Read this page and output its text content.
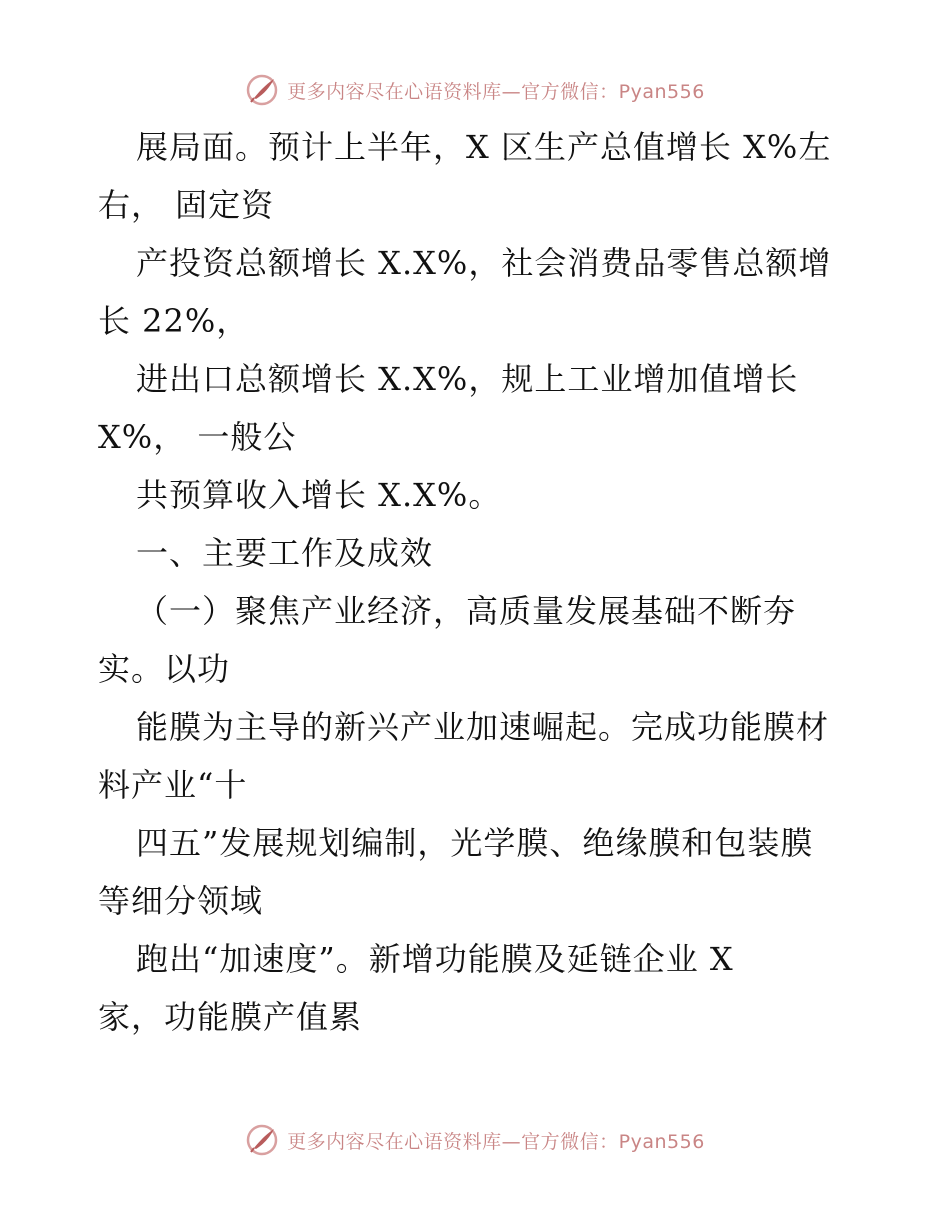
更多内容尽在心语资料库—官方微信：Pyan556
展局面。预计上半年，X 区生产总值增长 X%左
右， 固定资
产投资总额增长 X.X%，社会消费品零售总额增
长 22%，
进出口总额增长 X.X%，规上工业增加值增长
X%， 一般公
共预算收入增长 X.X%。
一、主要工作及成效
（一）聚焦产业经济，高质量发展基础不断夯
实。以功
能膜为主导的新兴产业加速崛起。完成功能膜材
料产业“十
四五”发展规划编制，光学膜、绝缘膜和包装膜
等细分领域
跑出“加速度”。新增功能膜及延链企业 X
家，功能膜产值累
更多内容尽在心语资料库—官方微信：Pyan556
